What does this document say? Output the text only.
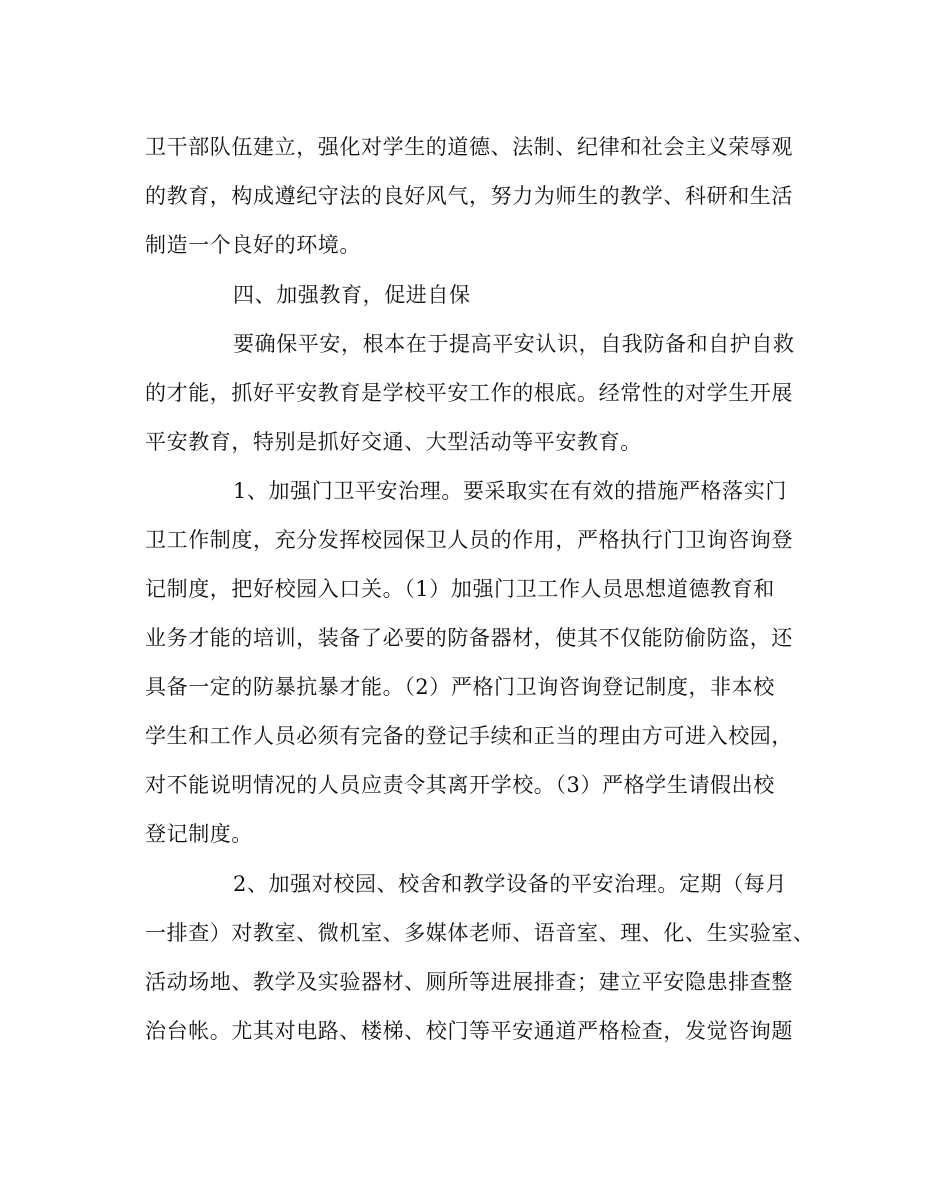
卫干部队伍建立，强化对学生的道德、法制、纪律和社会主义荣辱观

的教育，构成遵纪守法的良好风气，努力为师生的教学、科研和生活

制造一个良好的环境。

四、加强教育，促进自保

要确保平安，根本在于提高平安认识，自我防备和自护自救

的才能，抓好平安教育是学校平安工作的根底。经常性的对学生开展

平安教育，特别是抓好交通、大型活动等平安教育。

1、加强门卫平安治理。要采取实在有效的措施严格落实门

卫工作制度，充分发挥校园保卫人员的作用，严格执行门卫询咨询登

记制度，把好校园入口关。（1）加强门卫工作人员思想道德教育和

业务才能的培训，装备了必要的防备器材，使其不仅能防偷防盗，还

具备一定的防暴抗暴才能。（2）严格门卫询咨询登记制度，非本校

学生和工作人员必须有完备的登记手续和正当的理由方可进入校园，

对不能说明情况的人员应责令其离开学校。（3）严格学生请假出校

登记制度。

2、加强对校园、校舍和教学设备的平安治理。定期（每月

一排查）对教室、微机室、多媒体老师、语音室、理、化、生实验室、

活动场地、教学及实验器材、厕所等进展排查；建立平安隐患排查整

治台帐。尤其对电路、楼梯、校门等平安通道严格检查，发觉咨询题
